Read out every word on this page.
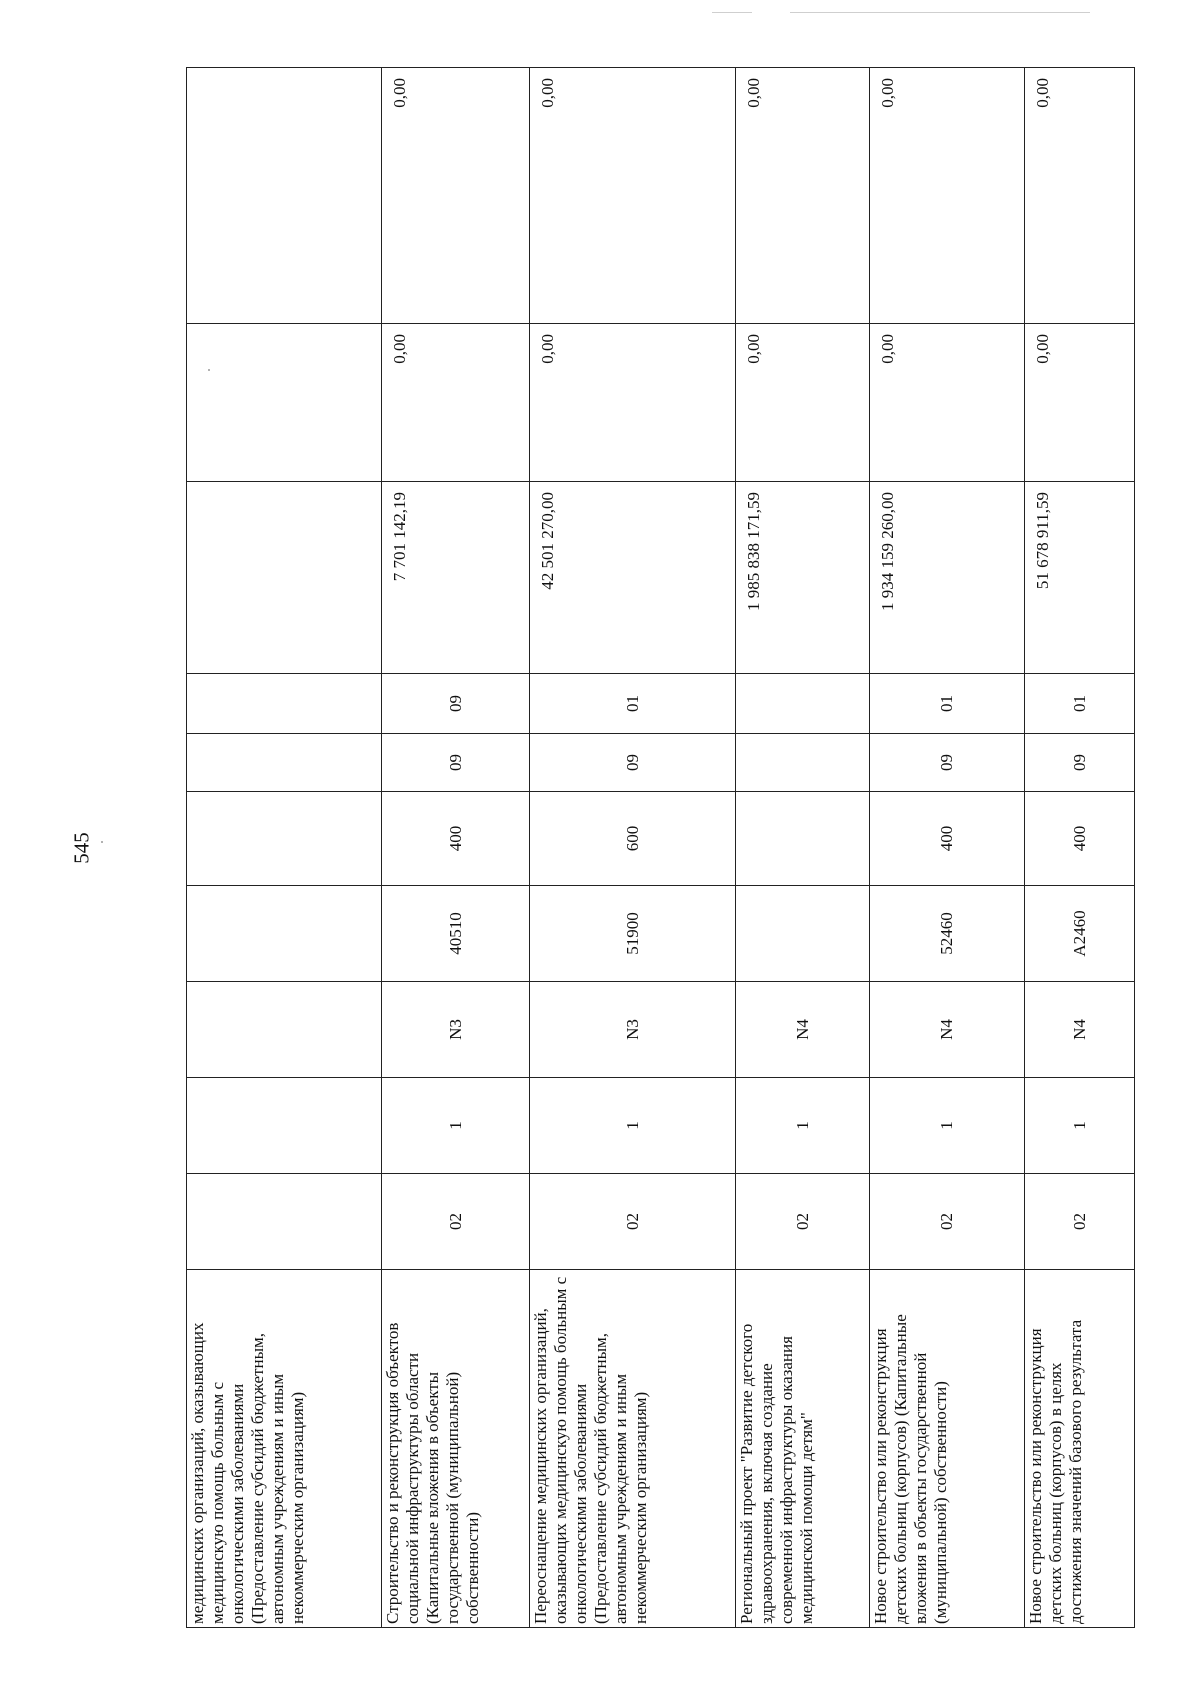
545
медицинских организаций, оказывающих медицинскую помощь больным с онкологическими заболеваниями (Предоставление субсидий бюджетным, автономным учреждениям и иным некоммерческим организациям)										
Строительство и реконструкция объектов социальной инфраструктуры области (Капитальные вложения в объекты государственной (муниципальной) собственности)	02	1	N3	40510	400	09	09	7 701 142,19	0,00	0,00
Переоснащение медицинских организаций, оказывающих медицинскую помощь больным с онкологическими заболеваниями (Предоставление субсидий бюджетным, автономным учреждениям и иным некоммерческим организациям)	02	1	N3	51900	600	09	01	42 501 270,00	0,00	0,00
Региональный проект "Развитие детского здравоохранения, включая создание современной инфраструктуры оказания медицинской помощи детям"	02	1	N4					1 985 838 171,59	0,00	0,00
Новое строительство или реконструкция детских больниц (корпусов) (Капитальные вложения в объекты государственной (муниципальной) собственности)	02	1	N4	52460	400	09	01	1 934 159 260,00	0,00	0,00
Новое строительство или реконструкция детских больниц (корпусов) в целях достижения значений базового результата	02	1	N4	A2460	400	09	01	51 678 911,59	0,00	0,00
